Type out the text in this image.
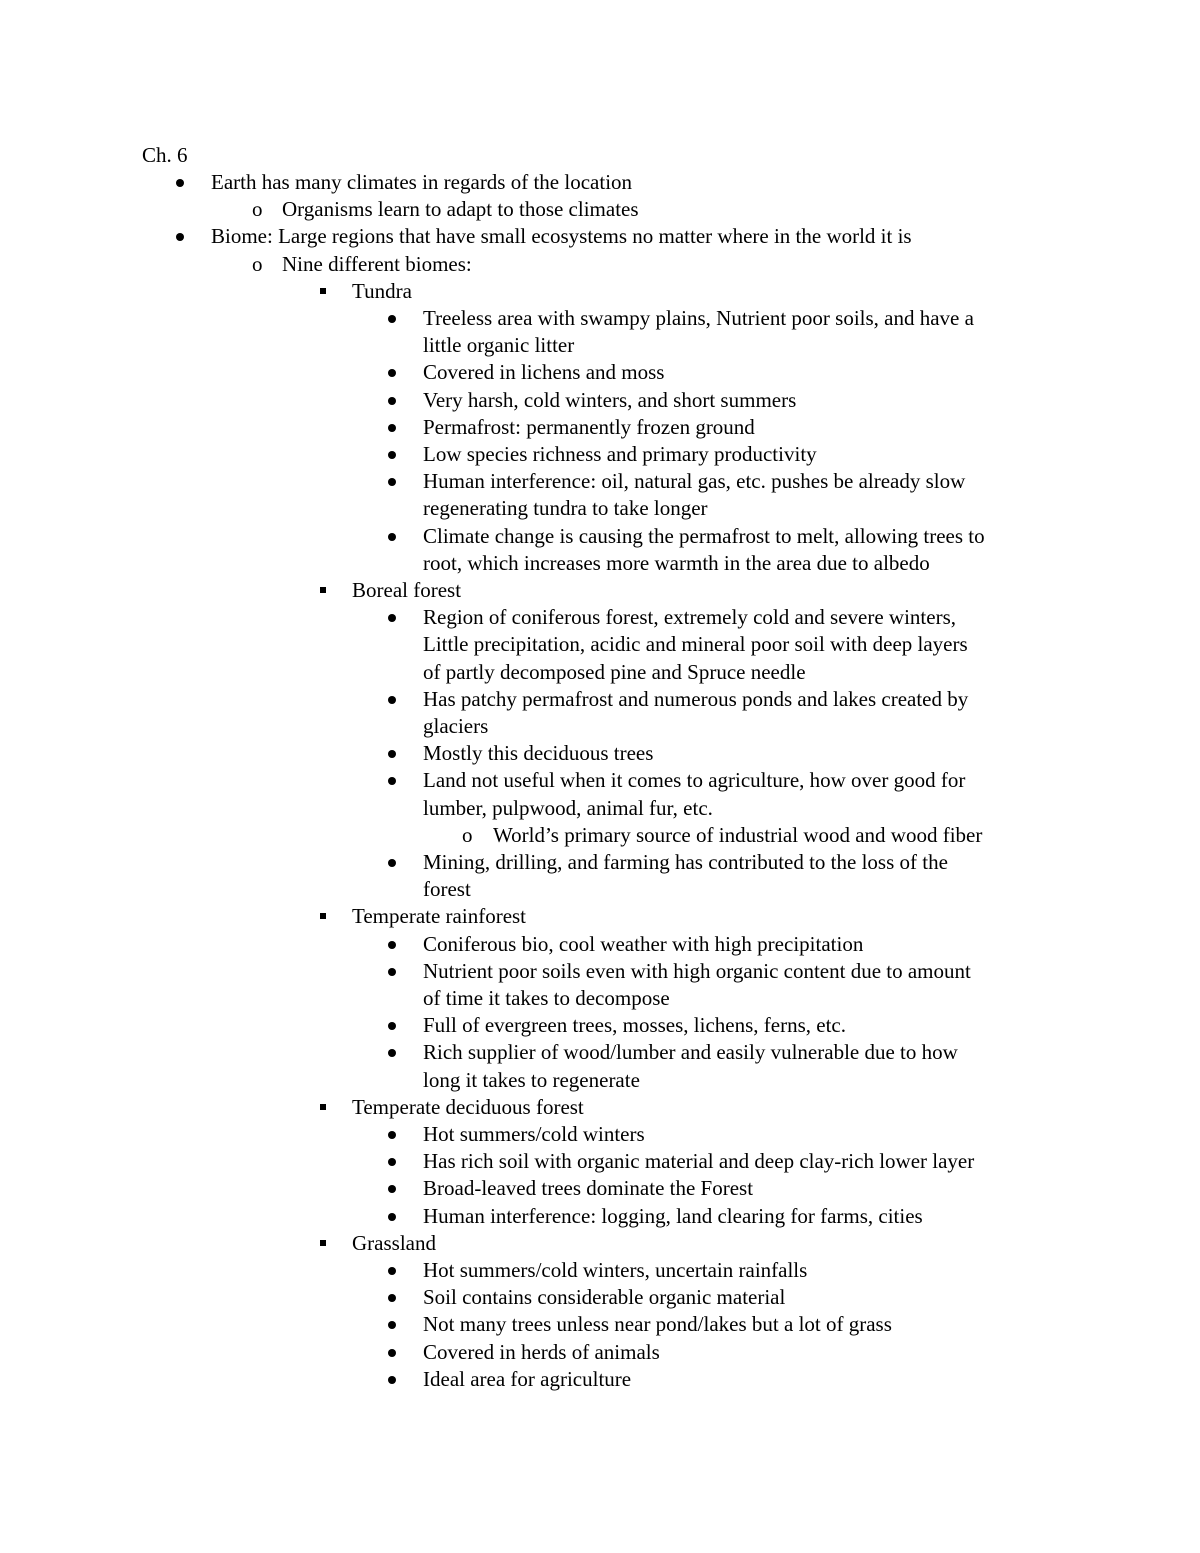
Ch. 6
Earth has many climates in regards of the location
o Organisms learn to adapt to those climates
Biome: Large regions that have small ecosystems no matter where in the world it is
o Nine different biomes:
Tundra
Treeless area with swampy plains, Nutrient poor soils, and have a
little organic litter
Covered in lichens and moss
Very harsh, cold winters, and short summers
Permafrost: permanently frozen ground
Low species richness and primary productivity
Human interference: oil, natural gas, etc. pushes be already slow
regenerating tundra to take longer
Climate change is causing the permafrost to melt, allowing trees to
root, which increases more warmth in the area due to albedo
Boreal forest
Region of coniferous forest, extremely cold and severe winters,
Little precipitation, acidic and mineral poor soil with deep layers
of partly decomposed pine and Spruce needle
Has patchy permafrost and numerous ponds and lakes created by
glaciers
Mostly this deciduous trees
Land not useful when it comes to agriculture, how over good for
lumber, pulpwood, animal fur, etc.
o World’s primary source of industrial wood and wood fiber
Mining, drilling, and farming has contributed to the loss of the
forest
Temperate rainforest
Coniferous bio, cool weather with high precipitation
Nutrient poor soils even with high organic content due to amount
of time it takes to decompose
Full of evergreen trees, mosses, lichens, ferns, etc.
Rich supplier of wood/lumber and easily vulnerable due to how
long it takes to regenerate
Temperate deciduous forest
Hot summers/cold winters
Has rich soil with organic material and deep clay-rich lower layer
Broad-leaved trees dominate the Forest
Human interference: logging, land clearing for farms, cities
Grassland
Hot summers/cold winters, uncertain rainfalls
Soil contains considerable organic material
Not many trees unless near pond/lakes but a lot of grass
Covered in herds of animals
Ideal area for agriculture
